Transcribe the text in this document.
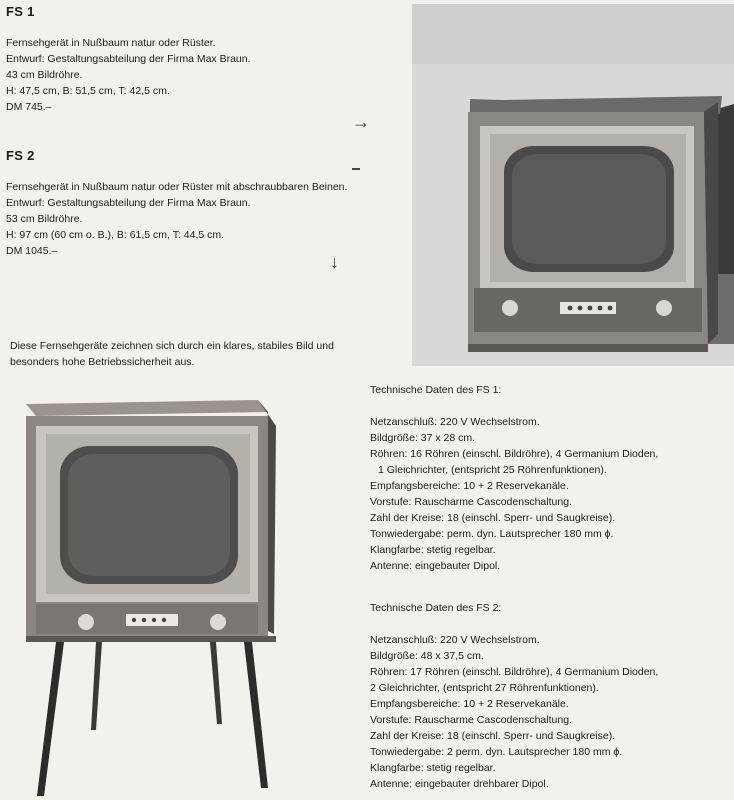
FS 1
Fernsehgerät in Nußbaum natur oder Rüster.
Entwurf: Gestaltungsabteilung der Firma Max Braun.
43 cm Bildröhre.
H: 47,5 cm, B: 51,5 cm, T: 42,5 cm.
DM 745.–
→
FS 2
Fernsehgerät in Nußbaum natur oder Rüster mit abschraubbaren Beinen.
Entwurf: Gestaltungsabteilung der Firma Max Braun.
53 cm Bildröhre.
H: 97 cm (60 cm o. B.), B: 61,5 cm, T: 44,5 cm.
DM 1045.–
↓
Diese Fernsehgeräte zeichnen sich durch ein klares, stabiles Bild und
besonders hohe Betriebssicherheit aus.
Technische Daten des FS 1:
Netzanschluß: 220 V Wechselstrom.
Bildgröße: 37 x 28 cm.
Röhren: 16 Röhren (einschl. Bildröhre), 4 Germanium Dioden,
1 Gleichrichter, (entspricht 25 Röhrenfunktionen).
Empfangsbereiche: 10 + 2 Reservekanäle.
Vorstufe: Rauscharme Cascodenschaltung.
Zahl der Kreise: 18 (einschl. Sperr- und Saugkreise).
Tonwiedergabe: perm. dyn. Lautsprecher 180 mm ϕ.
Klangfarbe: stetig regelbar.
Antenne: eingebauter Dipol.
Technische Daten des FS 2:
Netzanschluß: 220 V Wechselstrom.
Bildgröße: 48 x 37,5 cm.
Röhren: 17 Röhren (einschl. Bildröhre), 4 Germanium Dioden,
2 Gleichrichter, (entspricht 27 Röhrenfunktionen).
Empfangsbereiche: 10 + 2 Reservekanäle.
Vorstufe: Rauscharme Cascodenschaltung.
Zahl der Kreise: 18 (einschl. Sperr- und Saugkreise).
Tonwiedergabe: 2 perm. dyn. Lautsprecher 180 mm ϕ.
Klangfarbe: stetig regelbar.
Antenne: eingebauter drehbarer Dipol.
